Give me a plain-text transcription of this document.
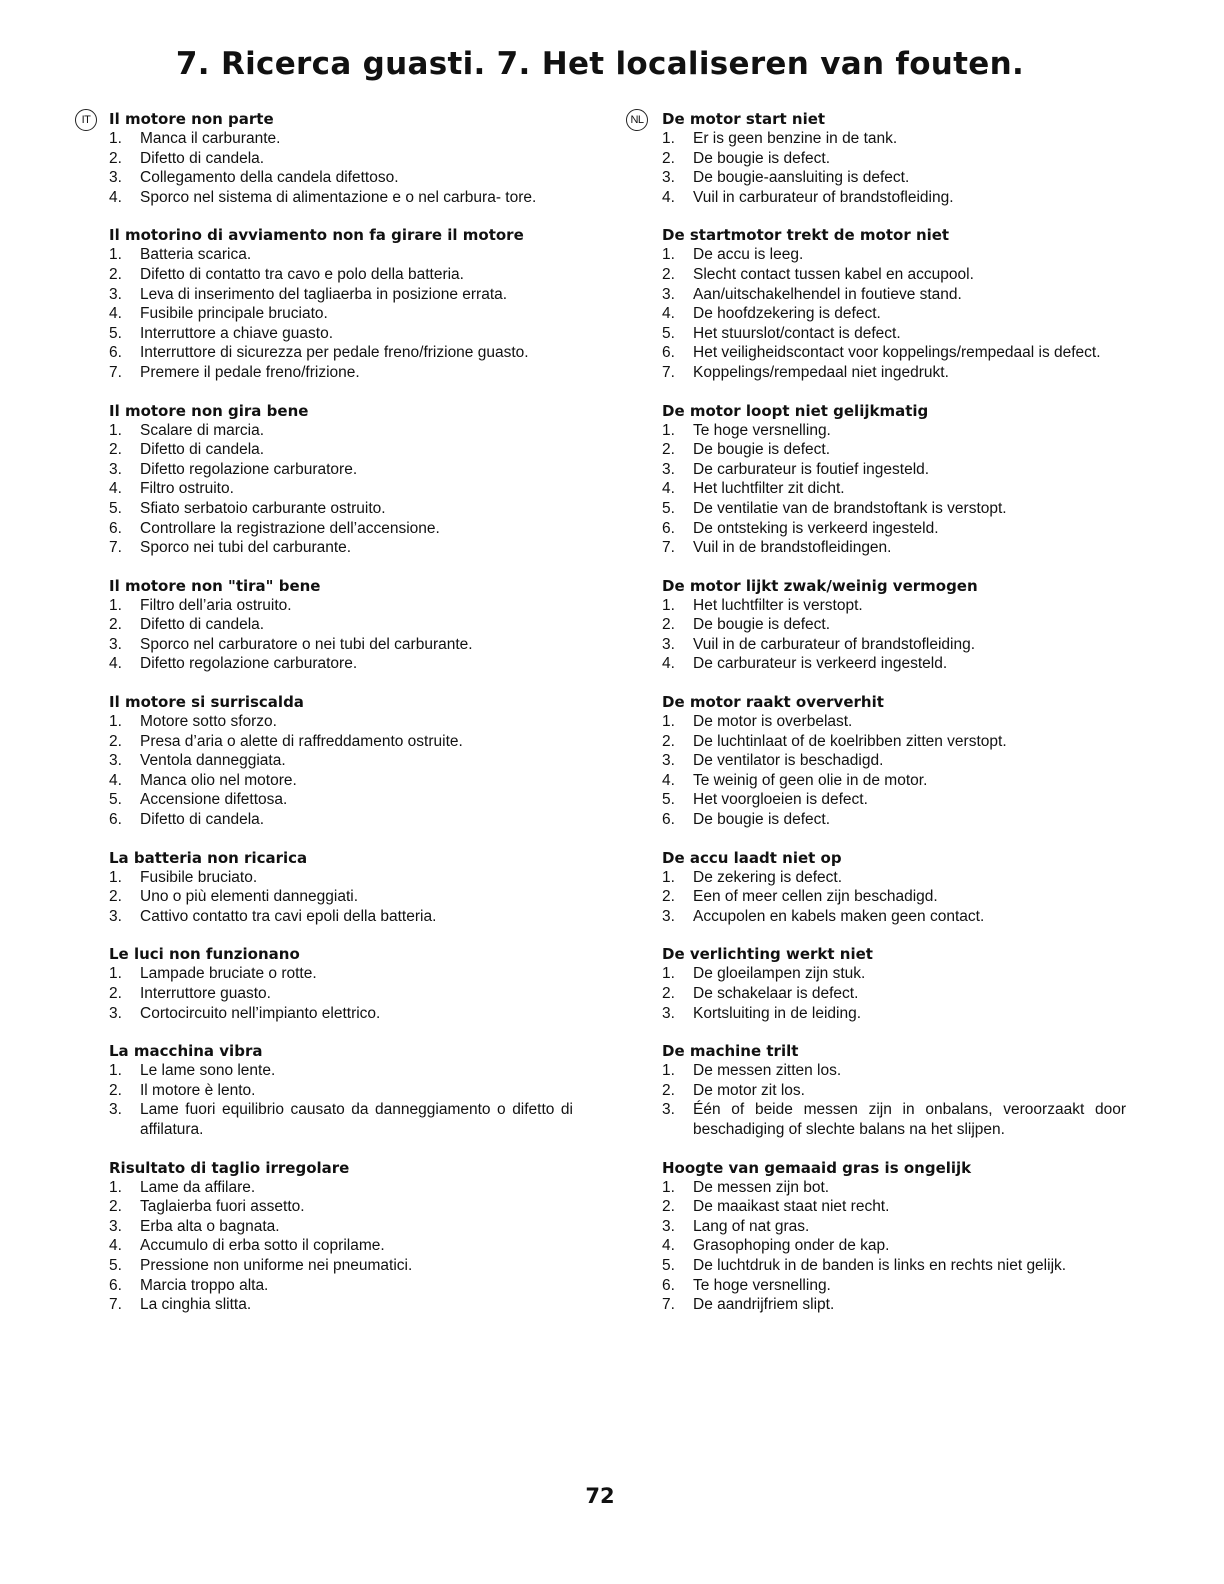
7. Ricerca guasti. 7. Het localiseren van fouten.
IT	Il motore non parte
1.	Manca il carburante.
2.	Difetto di candela.
3.	Collegamento della candela difettoso.
4.	Sporco nel sistema di alimentazione e o nel carbura- tore.
Il motorino di avviamento non fa girare il motore
1.	Batteria scarica.
2.	Difetto di contatto tra cavo e polo della batteria.
3.	Leva di inserimento del tagliaerba in posizione errata.
4.	Fusibile principale bruciato.
5.	Interruttore a chiave guasto.
6.	Interruttore di sicurezza per pedale freno/frizione guasto.
7.	Premere il pedale freno/frizione.
Il motore non gira bene
1.	Scalare di marcia.
2.	Difetto di candela.
3.	Difetto regolazione carburatore.
4.	Filtro ostruito.
5.	Sfiato serbatoio carburante ostruito.
6.	Controllare la registrazione dell’accensione.
7.	Sporco nei tubi del carburante.
Il motore non "tira" bene
1.	Filtro dell’aria ostruito.
2.	Difetto di candela.
3.	Sporco nel carburatore o nei tubi del carburante.
4.	Difetto regolazione carburatore.
Il motore si surriscalda
1.	Motore sotto sforzo.
2.	Presa d’aria o alette di raffreddamento ostruite.
3.	Ventola danneggiata.
4.	Manca olio nel motore.
5.	Accensione difettosa.
6.	Difetto di candela.
La batteria non ricarica
1.	Fusibile bruciato.
2.	Uno o più elementi danneggiati.
3.	Cattivo contatto tra cavi epoli della batteria.
Le luci non funzionano
1.	Lampade bruciate o rotte.
2.	Interruttore guasto.
3.	Cortocircuito nell’impianto elettrico.
La macchina vibra
1.	Le lame sono lente.
2.	Il motore è lento.
3.	Lame fuori equilibrio causato da danneggiamento o difetto di affilatura.
Risultato di taglio irregolare
1.	Lame da affilare.
2.	Taglaierba fuori assetto.
3.	Erba alta o bagnata.
4.	Accumulo di erba sotto il coprilame.
5.	Pressione non uniforme nei pneumatici.
6.	Marcia troppo alta.
7.	La cinghia slitta.
NL De motor start niet
1.	Er is geen benzine in de tank.
2.	De bougie is defect.
3.	De bougie-aansluiting is defect.
4.	Vuil in carburateur of brandstofleiding.
De startmotor trekt de motor niet
1.	De accu is leeg.
2.	Slecht contact tussen kabel en accupool.
3.	Aan/uitschakelhendel in foutieve stand.
4.	De hoofdzekering is defect.
5.	Het stuurslot/contact is defect.
6.	Het veiligheidscontact voor koppelings/rempedaal is defect.
7.	Koppelings/rempedaal niet ingedrukt.
De motor loopt niet gelijkmatig
1.	Te hoge versnelling.
2.	De bougie is defect.
3.	De carburateur is foutief ingesteld.
4.	Het luchtfilter zit dicht.
5.	De ventilatie van de brandstoftank is verstopt.
6.	De ontsteking is verkeerd ingesteld.
7.	Vuil in de brandstofleidingen.
De motor lijkt zwak/weinig vermogen
1.	Het luchtfilter is verstopt.
2.	De bougie is defect.
3.	Vuil in de carburateur of brandstofleiding.
4.	De carburateur is verkeerd ingesteld.
De motor raakt oververhit
1.	De motor is overbelast.
2.	De luchtinlaat of de koelribben zitten verstopt.
3.	De ventilator is beschadigd.
4.	Te weinig of geen olie in de motor.
5.	Het voorgloeien is defect.
6.	De bougie is defect.
De accu laadt niet op
1.	De zekering is defect.
2.	Een of meer cellen zijn beschadigd.
3.	Accupolen en kabels maken geen contact.
De verlichting werkt niet
1.	De gloeilampen zijn stuk.
2.	De schakelaar is defect.
3.	Kortsluiting in de leiding.
De machine trilt
1.	De messen zitten los.
2.	De motor zit los.
3.	Één of beide messen zijn in onbalans, veroorzaakt door beschadiging of slechte balans na het slijpen.
Hoogte van gemaaid gras is ongelijk
1.	De messen zijn bot.
2.	De maaikast staat niet recht.
3.	Lang of nat gras.
4.	Grasophoping onder de kap.
5.	De luchtdruk in de banden is links en rechts niet gelijk.
6.	Te hoge versnelling.
7.	De aandrijfriem slipt.
72
